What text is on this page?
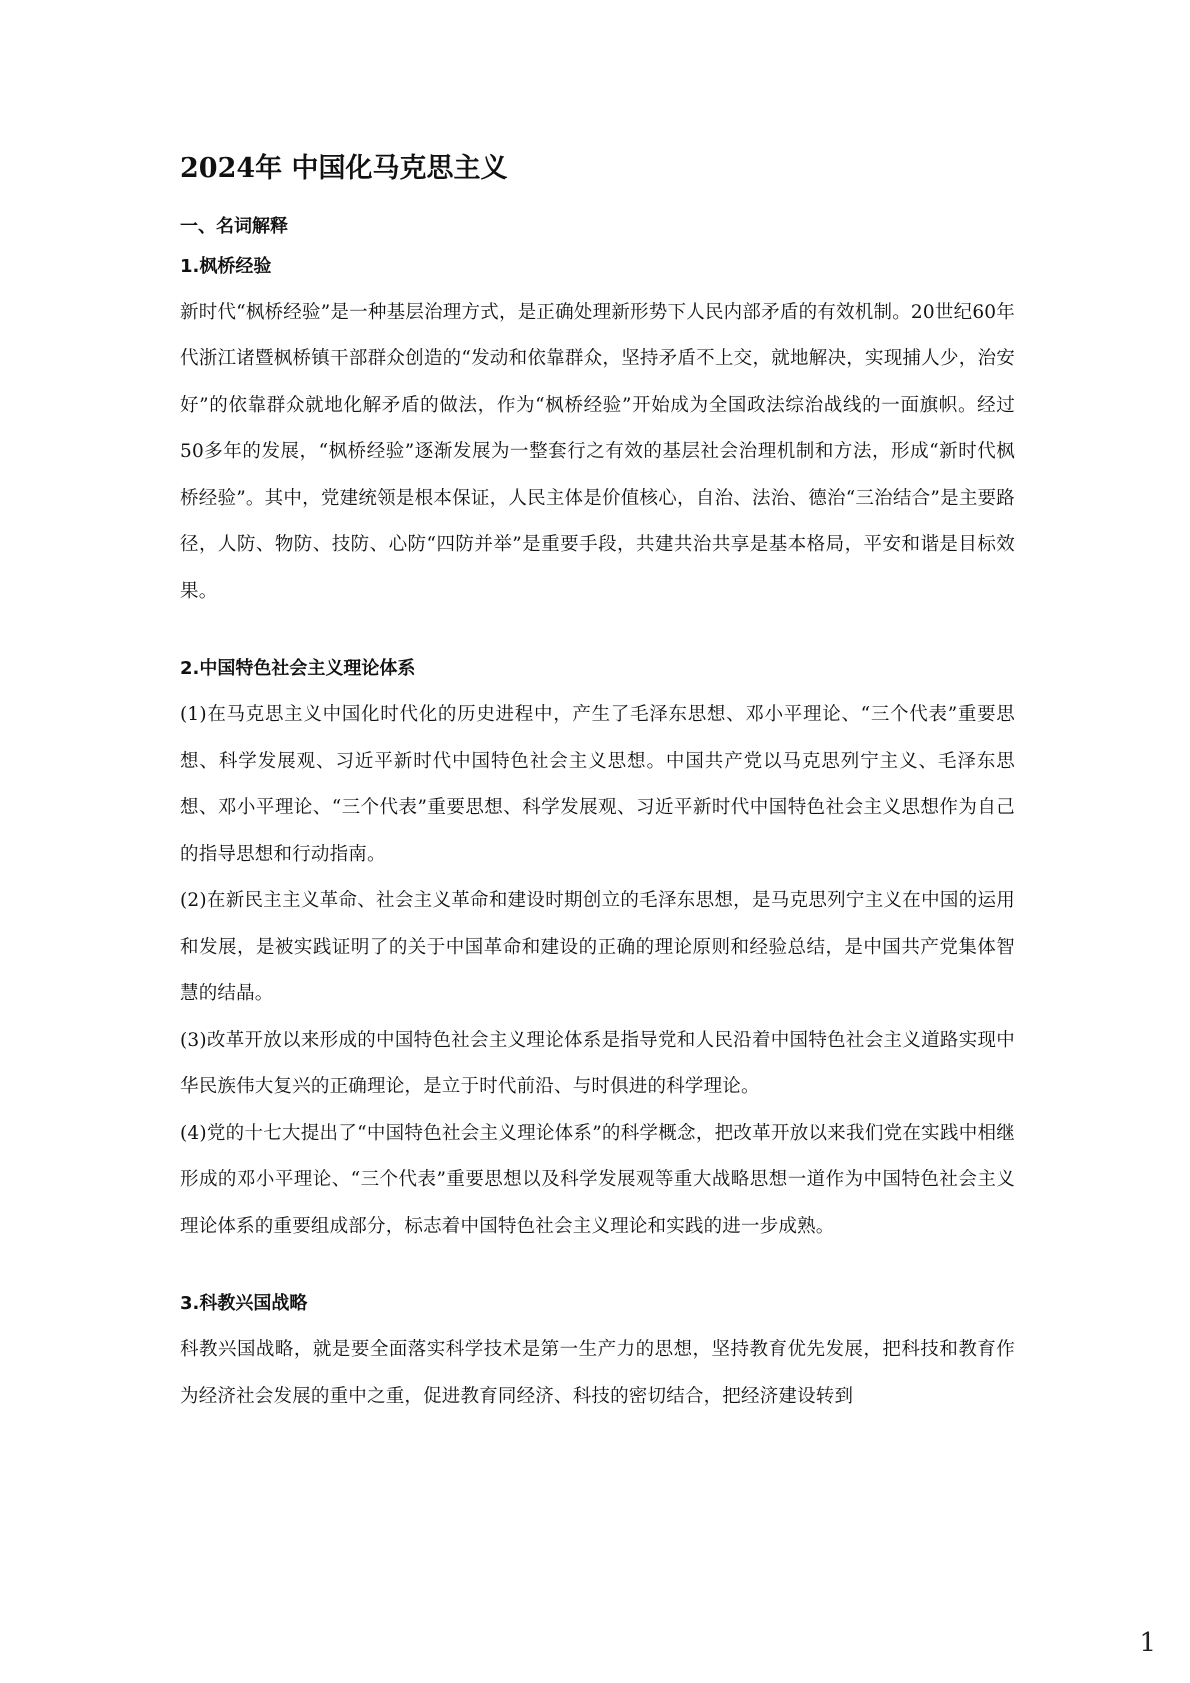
2024年 中国化马克思主义
一、名词解释
1.枫桥经验

新时代“枫桥经验”是一种基层治理方式，是正确处理新形势下人民内部矛盾的有效机制。20世纪60年代浙江诸暨枫桥镇干部群众创造的“发动和依靠群众，坚持矛盾不上交，就地解决，实现捕人少，治安好”的依靠群众就地化解矛盾的做法，作为“枫桥经验”开始成为全国政法综治战线的一面旗帜。经过50多年的发展，“枫桥经验”逐渐发展为一整套行之有效的基层社会治理机制和方法，形成“新时代枫桥经验”。其中，党建统领是根本保证，人民主体是价值核心，自治、法治、德治“三治结合”是主要路径，人防、物防、技防、心防“四防并举”是重要手段，共建共治共享是基本格局，平安和谐是目标效果。

2.中国特色社会主义理论体系

(1)在马克思主义中国化时代化的历史进程中，产生了毛泽东思想、邓小平理论、“三个代表”重要思想、科学发展观、习近平新时代中国特色社会主义思想。中国共产党以马克思列宁主义、毛泽东思想、邓小平理论、“三个代表”重要思想、科学发展观、习近平新时代中国特色社会主义思想作为自己的指导思想和行动指南。

(2)在新民主主义革命、社会主义革命和建设时期创立的毛泽东思想，是马克思列宁主义在中国的运用和发展，是被实践证明了的关于中国革命和建设的正确的理论原则和经验总结，是中国共产党集体智慧的结晶。

(3)改革开放以来形成的中国特色社会主义理论体系是指导党和人民沿着中国特色社会主义道路实现中华民族伟大复兴的正确理论，是立于时代前沿、与时俱进的科学理论。

(4)党的十七大提出了“中国特色社会主义理论体系”的科学概念，把改革开放以来我们党在实践中相继形成的邓小平理论、“三个代表”重要思想以及科学发展观等重大战略思想一道作为中国特色社会主义理论体系的重要组成部分，标志着中国特色社会主义理论和实践的进一步成熟。

3.科教兴国战略

科教兴国战略，就是要全面落实科学技术是第一生产力的思想，坚持教育优先发展，把科技和教育作为经济社会发展的重中之重，促进教育同经济、科技的密切结合，把经济建设转到

1
